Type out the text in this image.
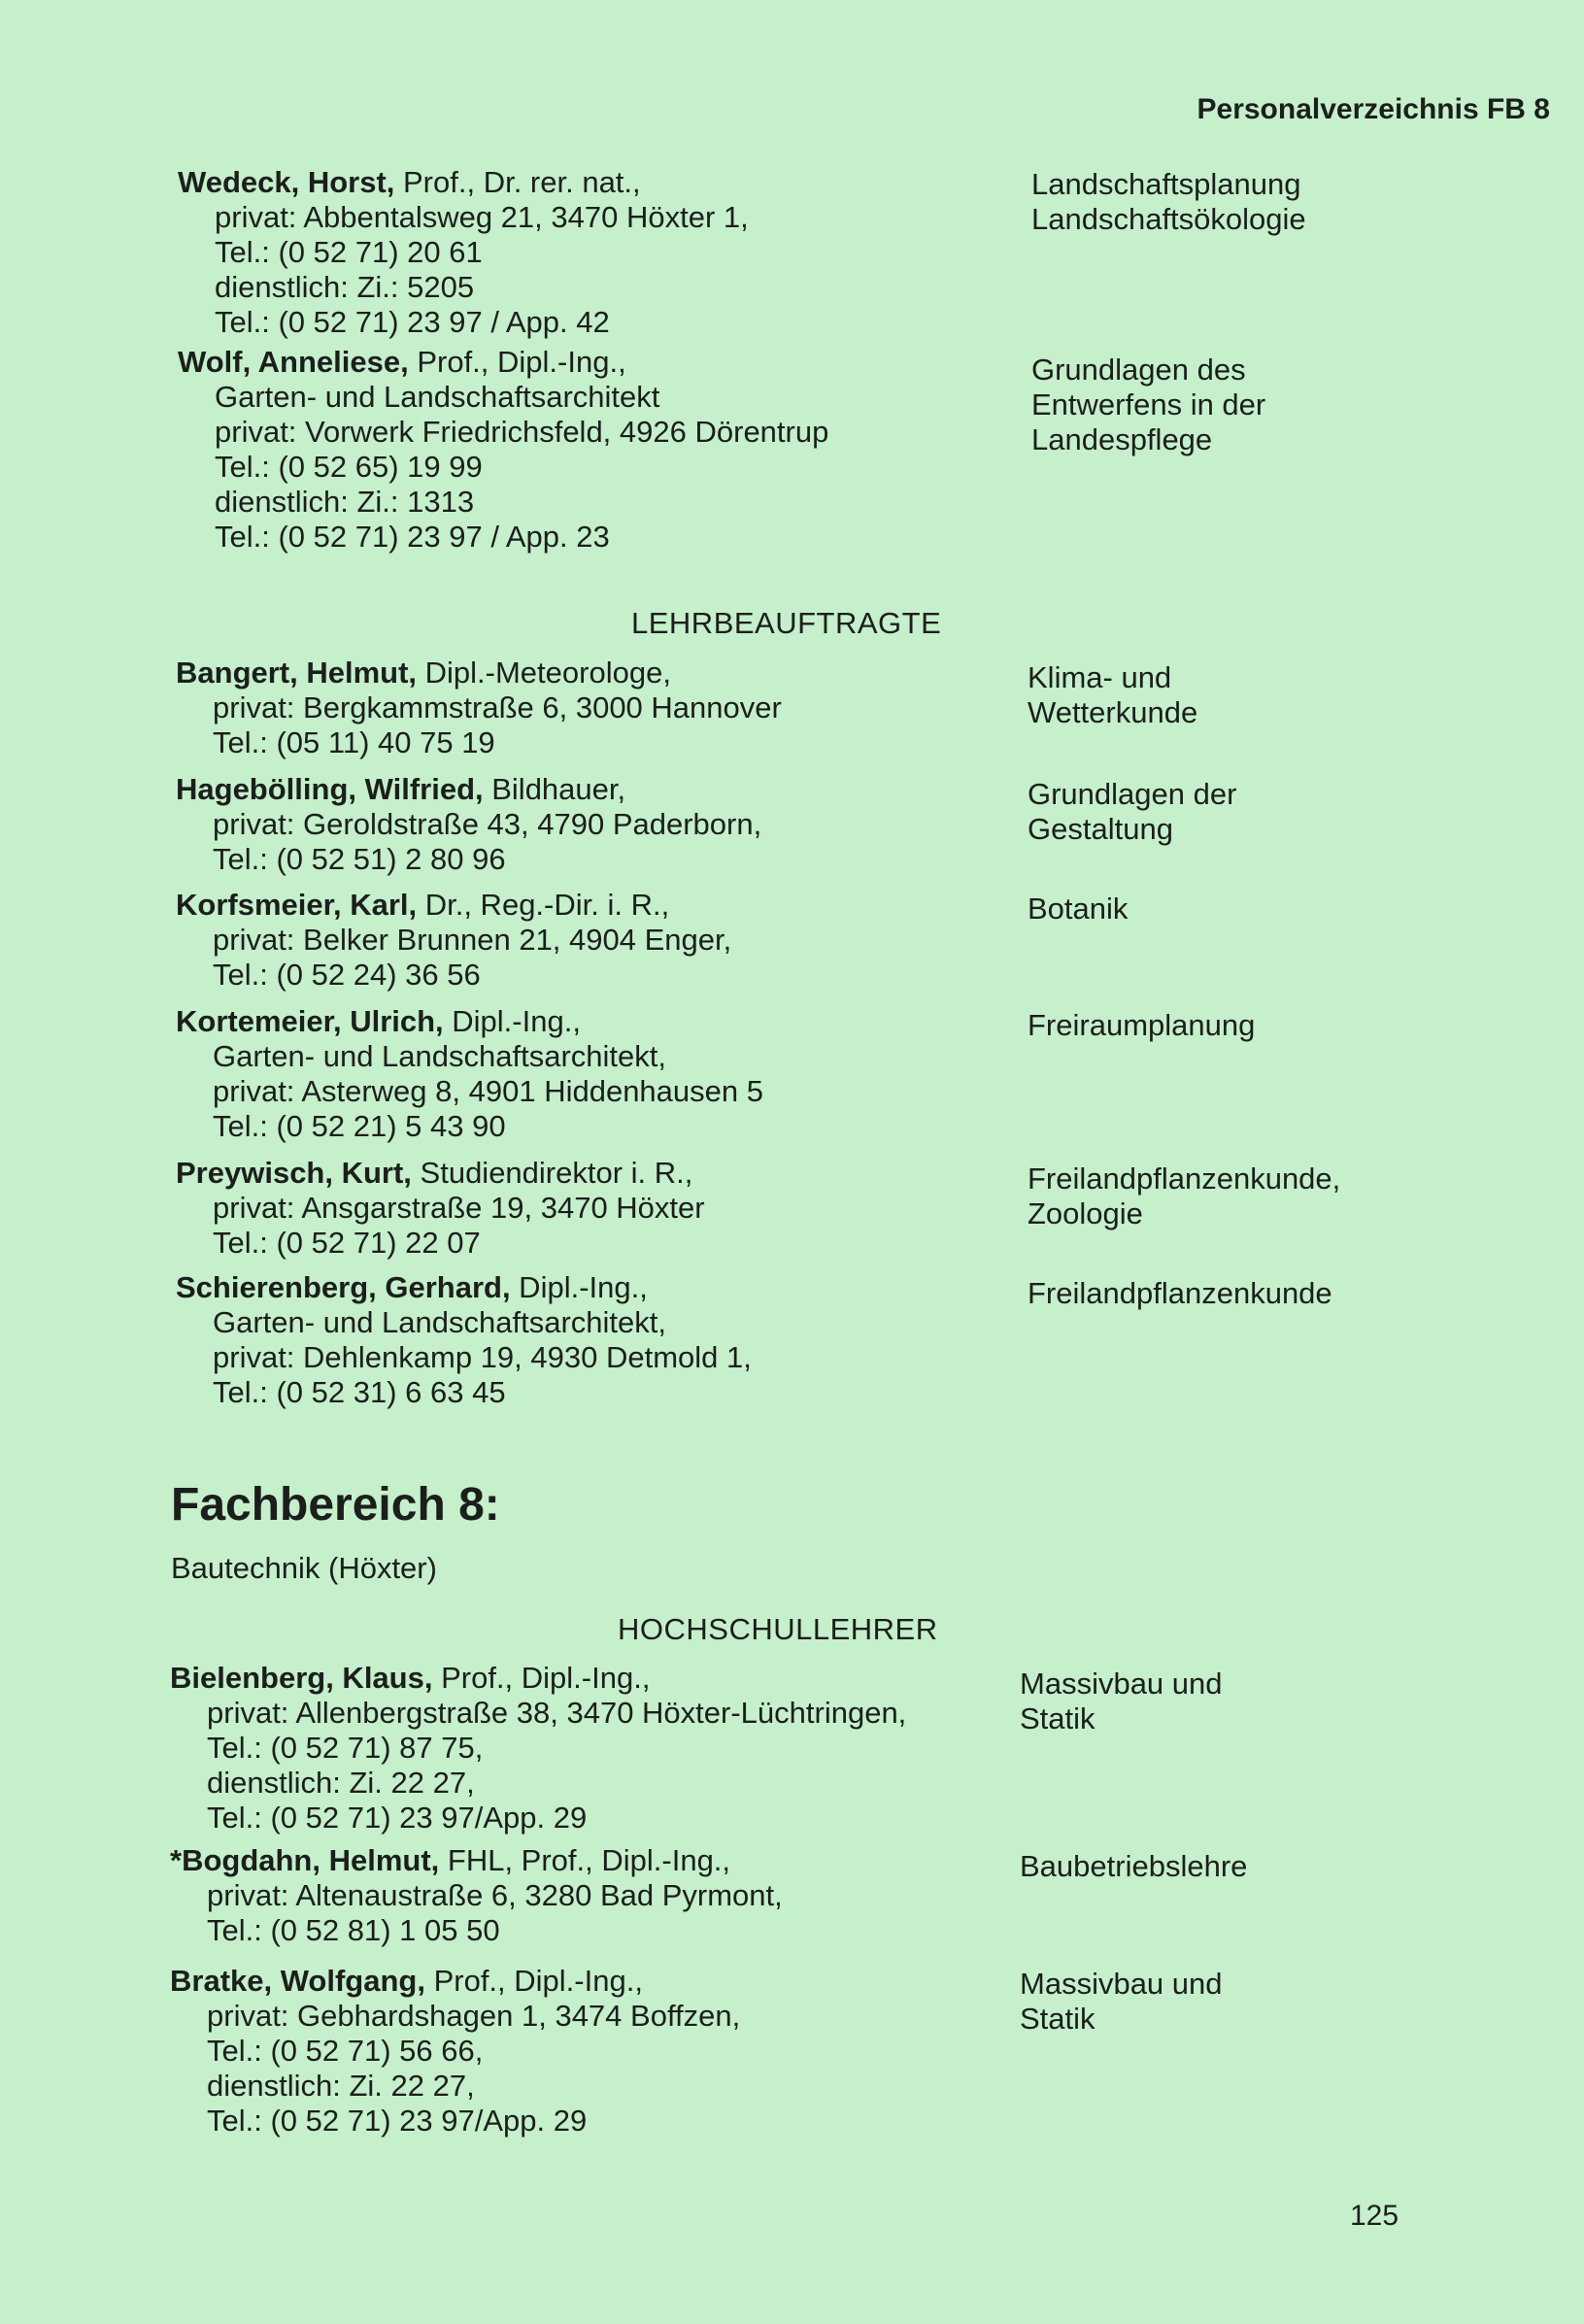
Personalverzeichnis FB 8
LEHRBEAUFTRAGTE
Fachbereich 8:
Bautechnik (Höxter)
HOCHSCHULLEHRER
125
Wedeck, Horst, Prof., Dr. rer. nat.,
privat: Abbentalsweg 21, 3470 Höxter 1,
Tel.: (0 52 71) 20 61
dienstlich: Zi.: 5205
Tel.: (0 52 71) 23 97 / App. 42
Landschaftsplanung
Landschaftsökologie
Wolf, Anneliese, Prof., Dipl.-Ing.,
Garten- und Landschaftsarchitekt
privat: Vorwerk Friedrichsfeld, 4926 Dörentrup
Tel.: (0 52 65) 19 99
dienstlich: Zi.: 1313
Tel.: (0 52 71) 23 97 / App. 23
Grundlagen des
Entwerfens in der
Landespflege
Bangert, Helmut, Dipl.-Meteorologe,
privat: Bergkammstraße 6, 3000 Hannover
Tel.: (05 11) 40 75 19
Klima- und
Wetterkunde
Hagebölling, Wilfried, Bildhauer,
privat: Geroldstraße 43, 4790 Paderborn,
Tel.: (0 52 51) 2 80 96
Grundlagen der
Gestaltung
Korfsmeier, Karl, Dr., Reg.-Dir. i. R.,
privat: Belker Brunnen 21, 4904 Enger,
Tel.: (0 52 24) 36 56
Botanik
Kortemeier, Ulrich, Dipl.-Ing.,
Garten- und Landschaftsarchitekt,
privat: Asterweg 8, 4901 Hiddenhausen 5
Tel.: (0 52 21) 5 43 90
Freiraumplanung
Preywisch, Kurt, Studiendirektor i. R.,
privat: Ansgarstraße 19, 3470 Höxter
Tel.: (0 52 71) 22 07
Freilandpflanzenkunde,
Zoologie
Schierenberg, Gerhard, Dipl.-Ing.,
Garten- und Landschaftsarchitekt,
privat: Dehlenkamp 19, 4930 Detmold 1,
Tel.: (0 52 31) 6 63 45
Freilandpflanzenkunde
Bielenberg, Klaus, Prof., Dipl.-Ing.,
privat: Allenbergstraße 38, 3470 Höxter-Lüchtringen,
Tel.: (0 52 71) 87 75,
dienstlich: Zi. 22 27,
Tel.: (0 52 71) 23 97/App. 29
Massivbau und
Statik
*Bogdahn, Helmut, FHL, Prof., Dipl.-Ing.,
privat: Altenaustraße 6, 3280 Bad Pyrmont,
Tel.: (0 52 81) 1 05 50
Baubetriebslehre
Bratke, Wolfgang, Prof., Dipl.-Ing.,
privat: Gebhardshagen 1, 3474 Boffzen,
Tel.: (0 52 71) 56 66,
dienstlich: Zi. 22 27,
Tel.: (0 52 71) 23 97/App. 29
Massivbau und
Statik
